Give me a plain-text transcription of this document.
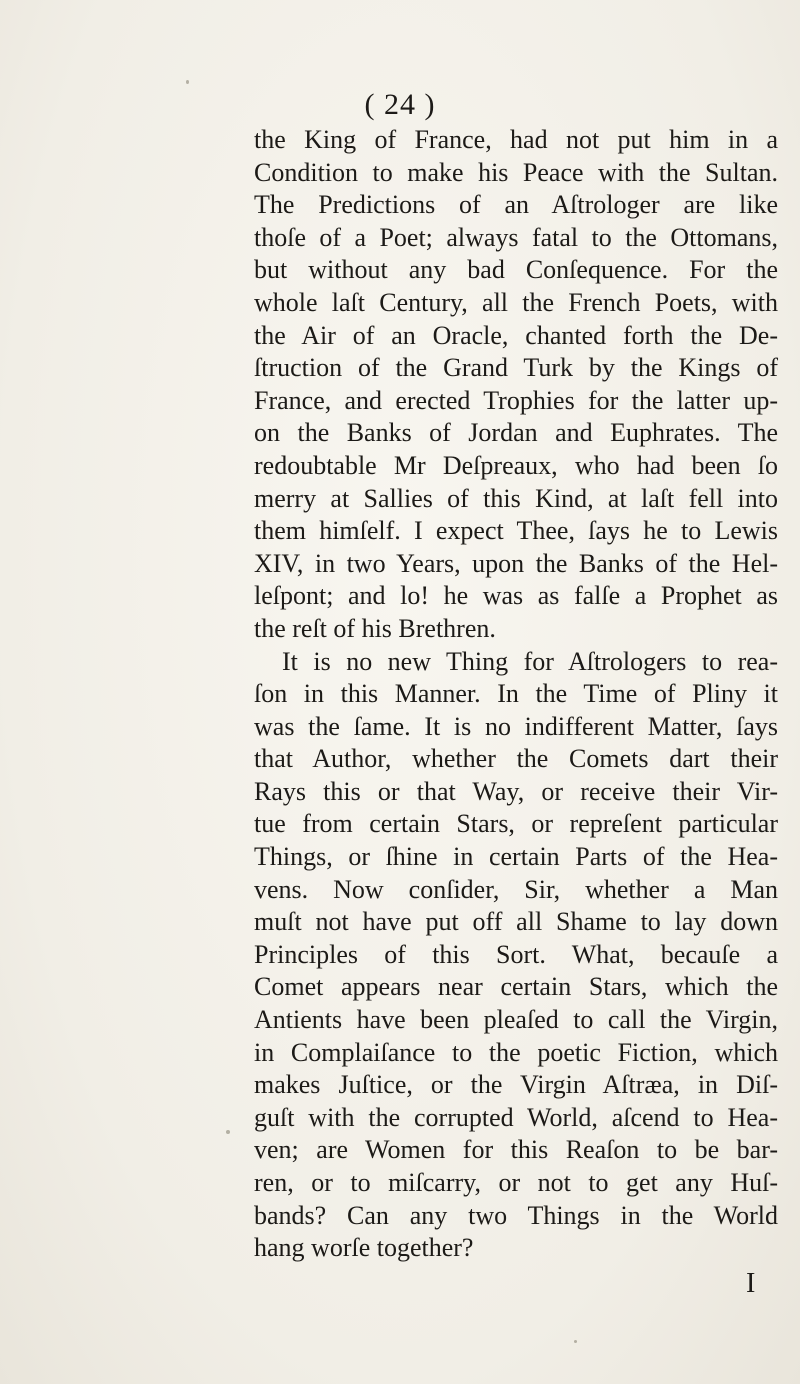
( 24 )
the King of France, had not put him in a
Condition to make his Peace with the Sultan.
The Predictions of an Aſtrologer are like
thoſe of a Poet; always fatal to the Ottomans,
but without any bad Conſequence. For the
whole laſt Century, all the French Poets, with
the Air of an Oracle, chanted forth the De-
ſtruction of the Grand Turk by the Kings of
France, and erected Trophies for the latter up-
on the Banks of Jordan and Euphrates. The
redoubtable Mr Deſpreaux, who had been ſo
merry at Sallies of this Kind, at laſt fell into
them himſelf. I expect Thee, ſays he to Lewis
XIV, in two Years, upon the Banks of the Hel-
leſpont; and lo! he was as falſe a Prophet as
the reſt of his Brethren.
It is no new Thing for Aſtrologers to rea-
ſon in this Manner. In the Time of Pliny it
was the ſame. It is no indifferent Matter, ſays
that Author, whether the Comets dart their
Rays this or that Way, or receive their Vir-
tue from certain Stars, or repreſent particular
Things, or ſhine in certain Parts of the Hea-
vens. Now conſider, Sir, whether a Man
muſt not have put off all Shame to lay down
Principles of this Sort. What, becauſe a
Comet appears near certain Stars, which the
Antients have been pleaſed to call the Virgin,
in Complaiſance to the poetic Fiction, which
makes Juſtice, or the Virgin Aſtræa, in Diſ-
guſt with the corrupted World, aſcend to Hea-
ven; are Women for this Reaſon to be bar-
ren, or to miſcarry, or not to get any Huſ-
bands? Can any two Things in the World
hang worſe together?
I
